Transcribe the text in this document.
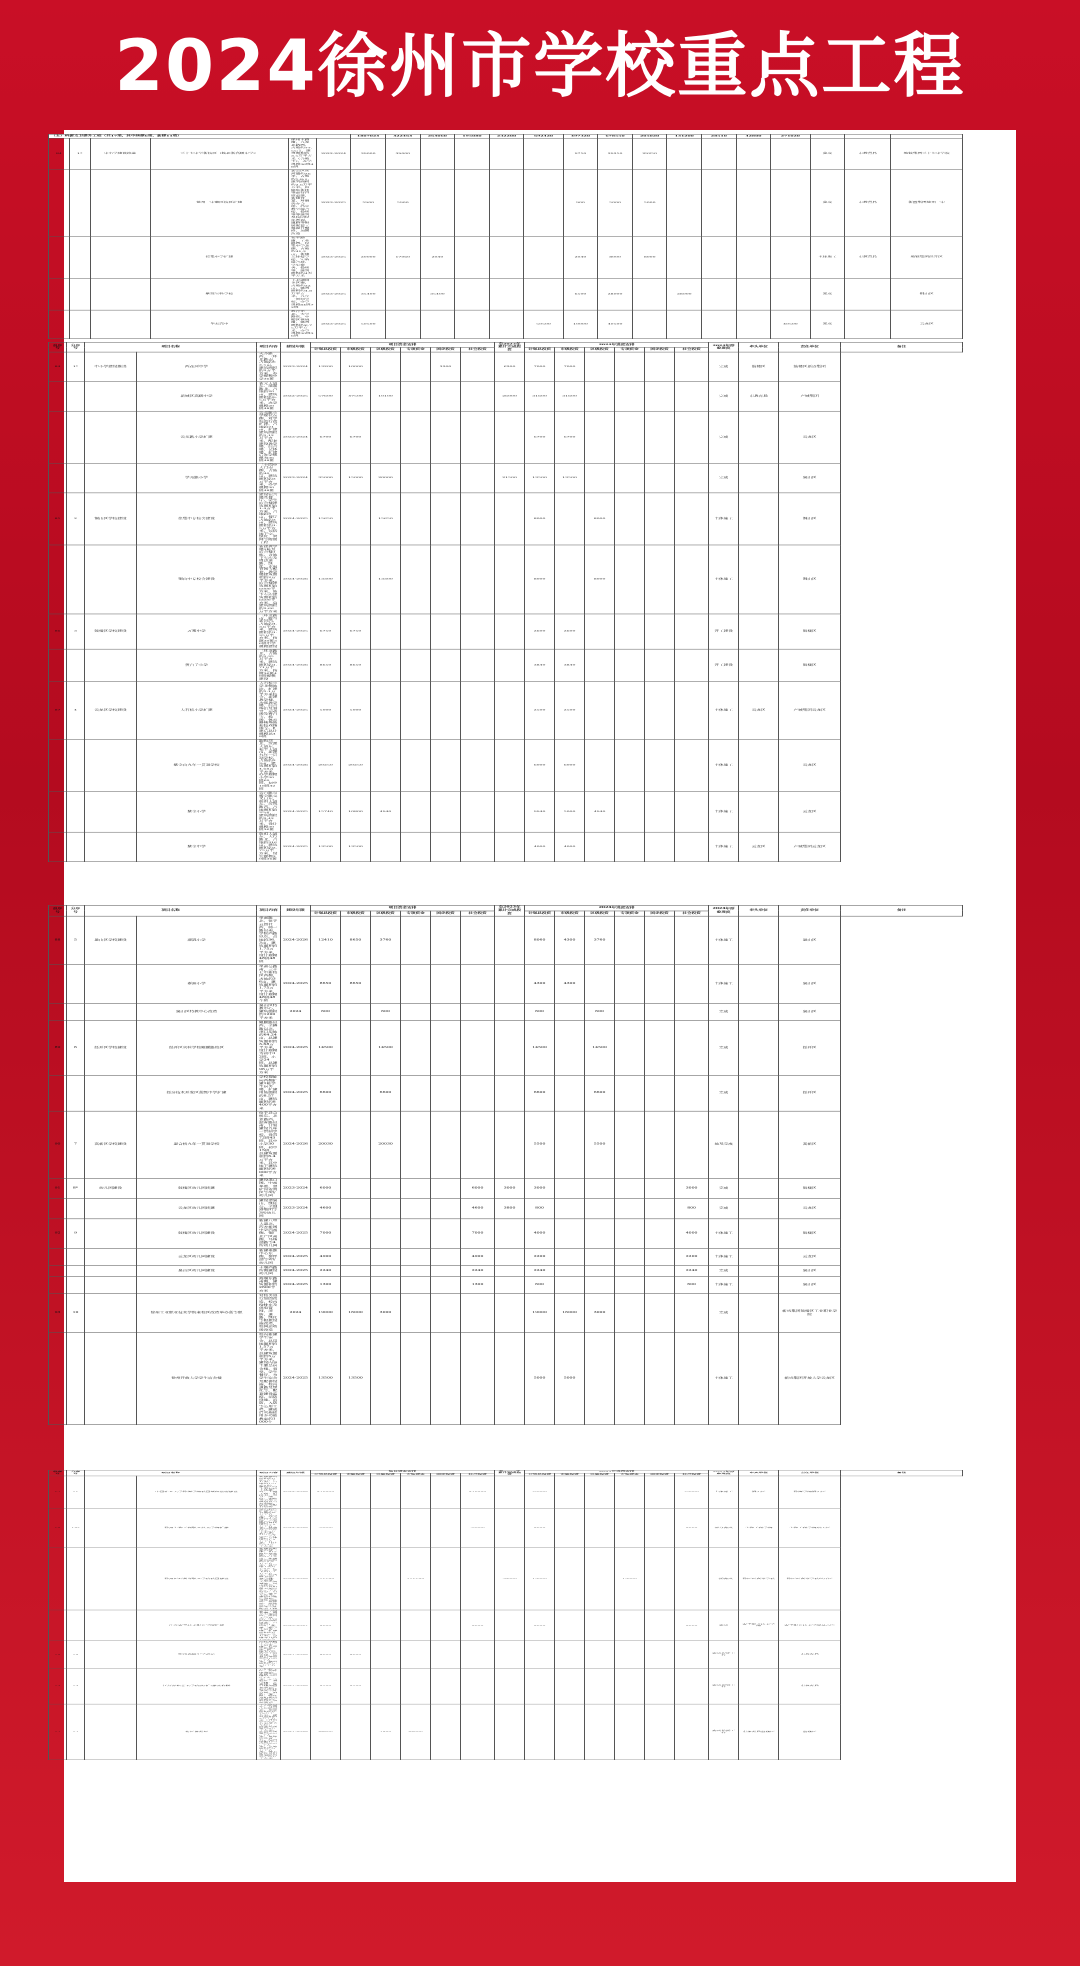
2024徐州市学校重点工程
（五）科教文卫提升工程（共17项，其中续建6项、新建11项）						1807024	422464	264060	195080	232200	692420	497320	678550	205020	131200	28510	42800	271020			
84	1*	中小学建设推进	三十七中学新校区（铁北新高级中学）	徐州主路南、九龙北路西，占地约77.55亩，建筑面积约3.5万平方米（含地下），办学规模36班48班	2022-2024	39000	39000					9750	29250	29250					完成	市教育局	地铁集团三十七中学校
			徐州一中南区校区扩建	新公区东河道约26平，占地约5.8亩，建筑面积约2.6万平方米，拆除东新楼等进行再度重建，新建食堂、对偏拆办合楼、高中教学综合楼、操场等等建筑及校园绿化景观，道路等附属配套工程提升整修、加固改造	2023-2025	5900	5900					900	5000	5000					完成	市教育局	新盛集团徐州一中
			侯集中学扩建	和平路南、工业路西，侯集中学北侧，占地约41.3亩，新建艺体楼学楼、实验综合楼、学生宿舍、操场等，建筑面积约4万平方米	2023-2025	20000	17960	2040				2040	8000	8000					主体施工	市教育局	地铁集团经开区
			紫珠实验学校	上水湖国企区南，占地约32亩，建筑面积约4.8万平方米，九年一贯制学校，办学规模84班72班	2023-2025	35400		35400				6500	28900		28900				完成		铜山区
			华杰高中	教育示北、大学路东，中腰区徐城南，建筑面积约6.75万平方米，办学规模30班36班	2023-2025	59500					59500	10000	49500					49500	完成		云龙区
总序号	分序号	项目名称		项目内容	建设年限	项目资金安排						至2023年累计完成投资	2024年进度安排						2024年形象进度	牵头单位	责任单位	备注
						计划总投资	市级投资	区级投资	专项资金	国企投资	社会投资		计划总投资	市级投资	区级投资	专项资金	国企投资	社会投资				
84	1*	中小学建设推进	西花河中学	天齐路西、三环北路南，占地约62.5亩，建筑面积约2万平方米，办学规模中学36班	2023-2024	13200	10000			3200		6200	7000	7000					完成	鼓楼区	鼓楼区新盛集团	
			新城区高级中学	新元大道东、潘湖路北，占地约20亩，建筑面积约9.5万平方米，办学规模20班48班	2022-2025	57600	47500	10100				26000	31600	31600					完成	市教育局	产城集团	
			云苑路小学扩建	云苑路小学现状东侧，对学校进行改扩建，占地约21亩，扩建建筑面积约1.12万平方米，配套建设教学楼、综合楼、艺体楼，扩建后办学规模为36班48班	2023-2024	6700	6700						6700	6700					完成		云龙区	
			学苑路小学	三十四中大门南侧，占地约40亩，建筑面积约3万平方米，办学规模30班48班	2023-2024	35000	15000	20000				21500	13500	13500					完成		泉山区	
85	2	铜山区学校建设	张集中专校舍建设	建设宿舍楼及餐厅，学生宿舍楼建筑面积约1.4万平方米，占地约8亩，餐厅占地约3亩，建筑面积约1.5万平方米，包括地下室、绿化、管网等附属工程	2024-2025	15650		15650					8000		8000				主体施工		铜山区	
			铜山中专校舍建设	新建教学楼1栋及宿舍楼1栋，含地下车库及周边道路、绿化、水电管网等配套，教学楼建筑面积约2万平方米，宿舍楼建筑面积约6000平方米，地下车库建筑面积约6600平方米，总建筑面积约2.66万平方米	2024-2026	13300		13300					8000		8000				主体施工		铜山区	
86	3	鼓楼区学校建设	万寨中学	三环北路南、驸马新河西，占地约4.3万平方米，建筑面积约1.35万平方米，按照30班36班中学规模建设	2024-2025	6750	6750						2600	2600					开工建设		鼓楼区	
			黄台子小学	三环北路北，占地约1.35万平方米，建筑面积约1.71万平方米，按照36班48班规模建设	2024-2026	8650	8650						3840	3840					开工建设		鼓楼区	
87	4	云龙区学校建设	大石桥小学扩建	大石桥小学北侧地块，扩建约1.1万平方米校舍，新建教学楼、功能教学楼、综合场馆及食堂、运动场及看台等，操场、体育器械场地和校戏场地等，扩建后总计规模达48班	2024-2025	5000	5000						2500	2500					主体施工	云龙区	产城集团云龙区	
			紫金山九年一贯制学校	跑狗河北、汉源大道东、和平大道南，新建九年一贯制学校，占地约23亩，建筑面积约4.68万平方米，办学规模小学30班60班，初中18班42班	2024-2026	20250	20250						6000	6000					主体施工		云龙区	
			紫金小学	云台路与紫金路交叉口东，彭祖大道东、汉风路西，占地面积约35亩，建筑面积约2.42万平方米，设计规模30班36班	2024-2025	15740	10800	4940					9940	5000	4940				主体施工		云龙区	
			紫金中学	彭祖大道东、大行路北，占地约316亩，建筑面积约2.75万平方米，设计规模30班36班	2024-2025	13500	13500						4000	4000					主体施工	云龙区	产城集团云龙区	
总序号	分序号	项目名称		项目内容	建设年限	项目资金安排						至2023年累计完成投资	2024年进度安排						2024年形象进度	牵头单位	责任单位	备注
						计划总投资	市级投资	区级投资	专项资金	国企投资	社会投资		计划总投资	市级投资	区级投资	专项资金	国企投资	社会投资				
88	5	泉山区学校建设	津港小学	坐商路北，位于五四社西，帅一路以南，学院西路以东，占地约36.3亩，建筑面积约1.75万平方米，设计规模48班48班	2024-2026	12410	8650	3760					8060	4300	3760				主体施工		泉山区	
			泰洲小学	坐商公路南，三十七中新校区西侧，占地约36亩，建筑面积约1.75万平方米，设计规模48班48个班	2024-2025	8650	8650						4300	4300					主体施工		泉山区	
			泉山区特教中心改造	泉山区特教中心，建筑面积约1200平方米	2024	600		600					600		600				完成		泉山区	
89	6	经开区学校建设	经开区实验学校鲲鹏路校区	鲲鹏路以西、金鳞路以北，项目用地约64.24亩，总建筑面积约3.68万平方米，设计规模为初中12班、小学24班，总建筑面积约96万平方米	2024-2025	14500		14500					14500		14500				完成		经开区	
			经济技术开发区高级中学扩建	学校现址向西侧扩建1栋学生宿舍楼，扩建用地面积约8.57亩，建筑面积约8400平方米	2024-2025	6600		6600					6600		6600				完成		经开区	
90	7	高新区学校建设	退合桥九年一贯制学校	位于迁合桥东、北京路西、迎客路以南，计划建设九年一贯制学校，设置72班43班，其中小学30班，初中15班，总建筑面积约6.4万平方米，其中地下建筑面积约6000平方米	2024-2026	20030		20030					5500		5500				地基完成		高新区	
91	8*	幼儿园建设	鼓楼区幼儿园续建	建设港口国、中南华都、翠矿岗安置区等3所幼儿园	2023-2024	6000					6000	3000	3000					3000	完成		鼓楼区	
			云龙区幼儿园续建	建设翠泉山、绿徒公、金融港集团等3所幼儿园	2023-2024	4600					4600	3800	800					800	完成		云龙区	
92	9		鼓楼区幼儿园建设	新建八里大道北、西方新国中学西南侧、铜厂北广区南侧、马场湖路等4所幼儿园	2024-2025	7000					7000		4000					4000	主体施工		鼓楼区	
			云龙区幼儿园建设	新建奥维中心东侧、黎坪湖等2所幼儿园	2024-2025	4900					4900		2200					2200	主体施工		云龙区	
			泉山区幼儿园建设	十堰西路所侧建设幼儿园	2024-2025	2240					2240		2240					2240	完成		泉山区	
				海堰东路南侧，建筑面积约2600平方米	2024-2025	1300					1300		600					600	主体施工		泉山区	
93	10		徐州工业职业技术学院老校区改造举办高等职	对校舍进行加固改造，校内给排水及供电管网，清防、道路、绿化等附属设施改造，校园运动场改造	2024	19000	16000	3000					19000	16000	3000				完成		新盛集团鼓楼区工业职业学院	
			徐州开放大学学生宿舍楼	校内新建学生宿舍，总用地面积约1.57万平方米，总建筑面积约5万平方米，建设内容主要是宿舍楼、食堂、学生餐厅，为学生宿舍及配套设施，校内道路及绿化等，配套建设监控、消防设施、消防，入防等公用工程，建成后实施使用多功能教室约1000个	2024-2025	13500	13500						5000	5000					主体施工		新盛集团开放大学云龙区	
总序号	分序号	项目名称		项目内容	建设年限	项目资金安排						至2023年累计完成投资	2024年进度安排						2024年形象进度	牵头单位	责任单位	备注
						计划总投资	市级投资	区级投资	专项资金	国企投资	社会投资		计划总投资	市级投资	区级投资	专项资金	国企投资	社会投资				
94	11		中国矿业大学徐海学院校园基础设施建设	新建建筑面积约42.9万平方米，占地约1012.2亩，建设内容主要包括主体建筑、主城工程、给排水、电力、通信、消防等公用工程以及室外道路、绿化等配套设施	2022-2025	240000					240000		70000					70000	主体施工	铜山区	徐海学院铜山区	
95	12*		徐州生物工程职业技术学院扩建	泉山校区扩建学生公寓约6万平方米，教学楼，工学结合实训楼，产教融合科技楼约4.5万平方米，数字教学资源中心5万平方米，餐厅约8000平方米，艺体楼约1.2万平方米，共计约13万平方米	2022-2025	40000					40000		5000					5000	部分完成	生物工程学院	生物工程学院泉山区	
			徐州医药高等职业学校校园建设	新建供配建筑楼体，和平路东延北侧，占地约374.5亩，新建建筑面积约15.6万平方米，其中地上约14.2万平方米，地下约1.4万平方米，包含图书馆、教学楼、实训楼、大型实训基地、风雨操场、会堂及附属公用中心、学生宿舍、食堂，地下车库等，建设标准运动场、足球训练场、篮球场、排球场，田径场等室外配套工程	2022-2025	119150			119150			48000	13000			13000			一期完成	徐医药高等学校	徐医药高等学校经开区	
			江苏安全技术职业学院扩建	安全学院北侧，城东大道以西，沿河大学以西，中南油加油站以北，占地约14.8亩，新建一栋学生宿舍楼，扩建面积约14800平方米，舍楼等共约1300人	2023-2024	5000					5000		5000					5000	完成	安全职业技术学院	安全职业技术学院泉山区	
12	12		徐州高级中学改造	拆除高级中学中学生宿舍楼，在原址新建1栋5层，地下1层的学生宿舍楼，项目占地面积约1000平方米，建筑面积约1.2万平方米	2024-2025	6000	6000												完成拆除工作		市教育局	
13	13		江苏驿格艺术学校改(扩)建及修缮	1.东校区：拆除电教馆，新建实训楼约4800平方米；2.马校区：教学楼、艺苑楼、综合楼加固和改造，校内给排水及室外管网，消防，道路，绿化等附属设施改造，校园运动场改造	2024-2025	5700	5700												完成规划工作		市教育局	
14	14		北区体育场	平山路以东，九里山东路以北，用地面积约3.45万平方米，建筑面积约2万平方米（含约5000平方米地下车位），西北角预留约6万平方米，东南角预留约5000平方米，足球场及看台，综合馆配套室内约5000平方米，占地面积约1万平方米，地上绿化及附属道路约29.45万平方米	2024-2025	26500		4500	22000										完成前期工作	市体育局鼓楼区	鼓楼区	
